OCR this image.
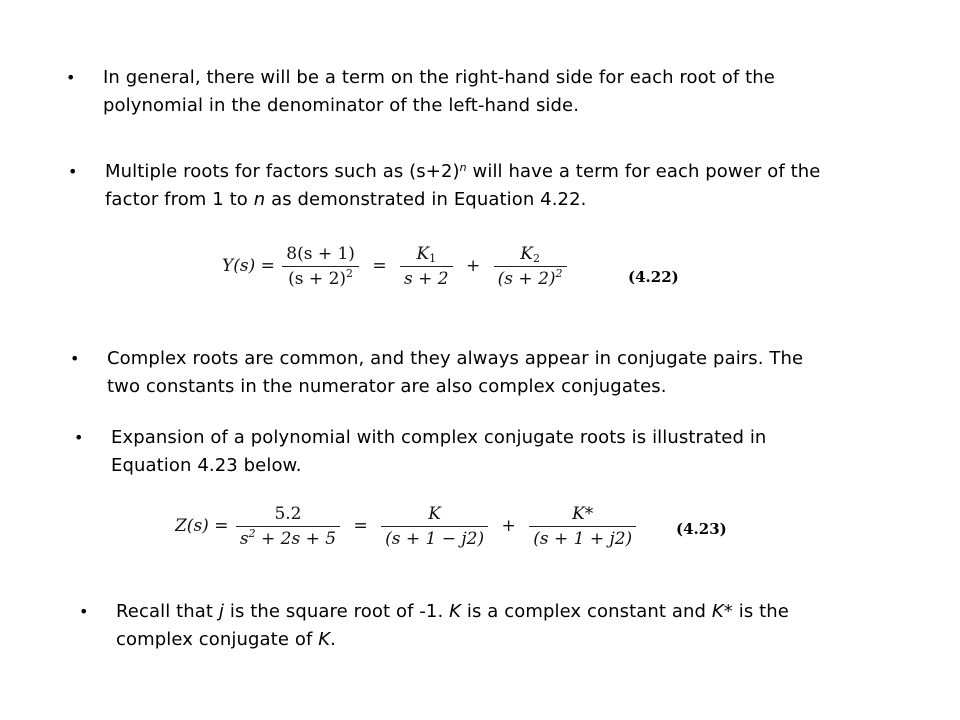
• In general, there will be a term on the right-hand side for each root of the
polynomial in the denominator of the left-hand side.
• Multiple roots for factors such as $(s+2)^n$ will have a term for each power of the
factor from 1 to n as demonstrated in Equation 4.22.
$Y(s) = \frac{8(s + 1)}{(s + 2)^2} = \frac{K_1}{s + 2} + \frac{K_2}{(s + 2)^2}$	(4.22)
• Complex roots are common, and they always appear in conjugate pairs. The
two constants in the numerator are also complex conjugates.
• Expansion of a polynomial with complex conjugate roots is illustrated in
Equation 4.23 below.
$Z(s) = \frac{5.2}{s^2 + 2s + 5} = \frac{K}{(s + 1 - j2)} + \frac{K*}{(s + 1 + j2)}$	(4.23)
• Recall that j is the square root of -1. K is a complex constant and K* is the
complex conjugate of K.
